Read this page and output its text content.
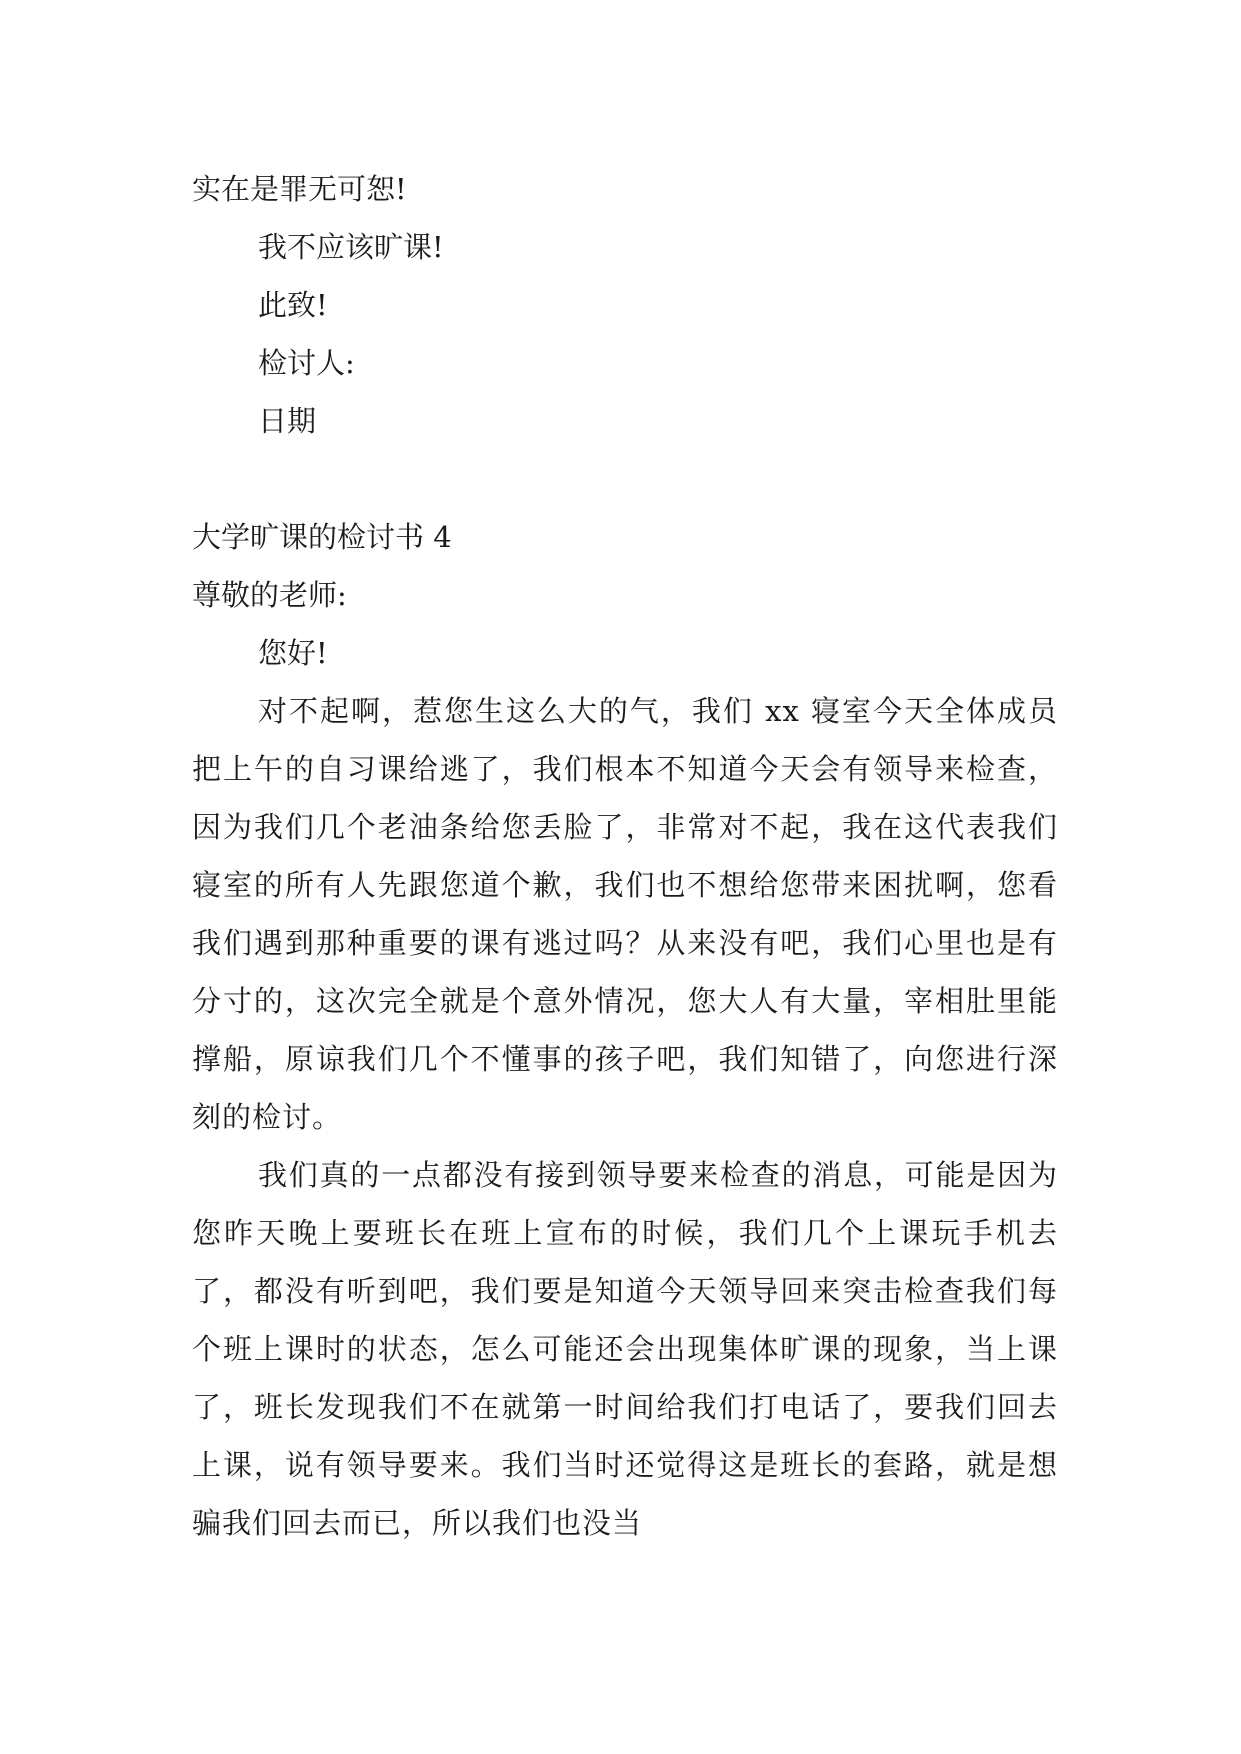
实在是罪无可恕!

我不应该旷课!

此致!

检讨人:

日期

大学旷课的检讨书 4

尊敬的老师:

您好!

对不起啊，惹您生这么大的气，我们 xx 寝室今天全体成员把上午的自习课给逃了，我们根本不知道今天会有领导来检查，因为我们几个老油条给您丢脸了，非常对不起，我在这代表我们寝室的所有人先跟您道个歉，我们也不想给您带来困扰啊，您看我们遇到那种重要的课有逃过吗？从来没有吧，我们心里也是有分寸的，这次完全就是个意外情况，您大人有大量，宰相肚里能撑船，原谅我们几个不懂事的孩子吧，我们知错了，向您进行深刻的检讨。

我们真的一点都没有接到领导要来检查的消息，可能是因为您昨天晚上要班长在班上宣布的时候，我们几个上课玩手机去了，都没有听到吧，我们要是知道今天领导回来突击检查我们每个班上课时的状态，怎么可能还会出现集体旷课的现象，当上课了，班长发现我们不在就第一时间给我们打电话了，要我们回去上课，说有领导要来。我们当时还觉得这是班长的套路，就是想骗我们回去而已，所以我们也没当
